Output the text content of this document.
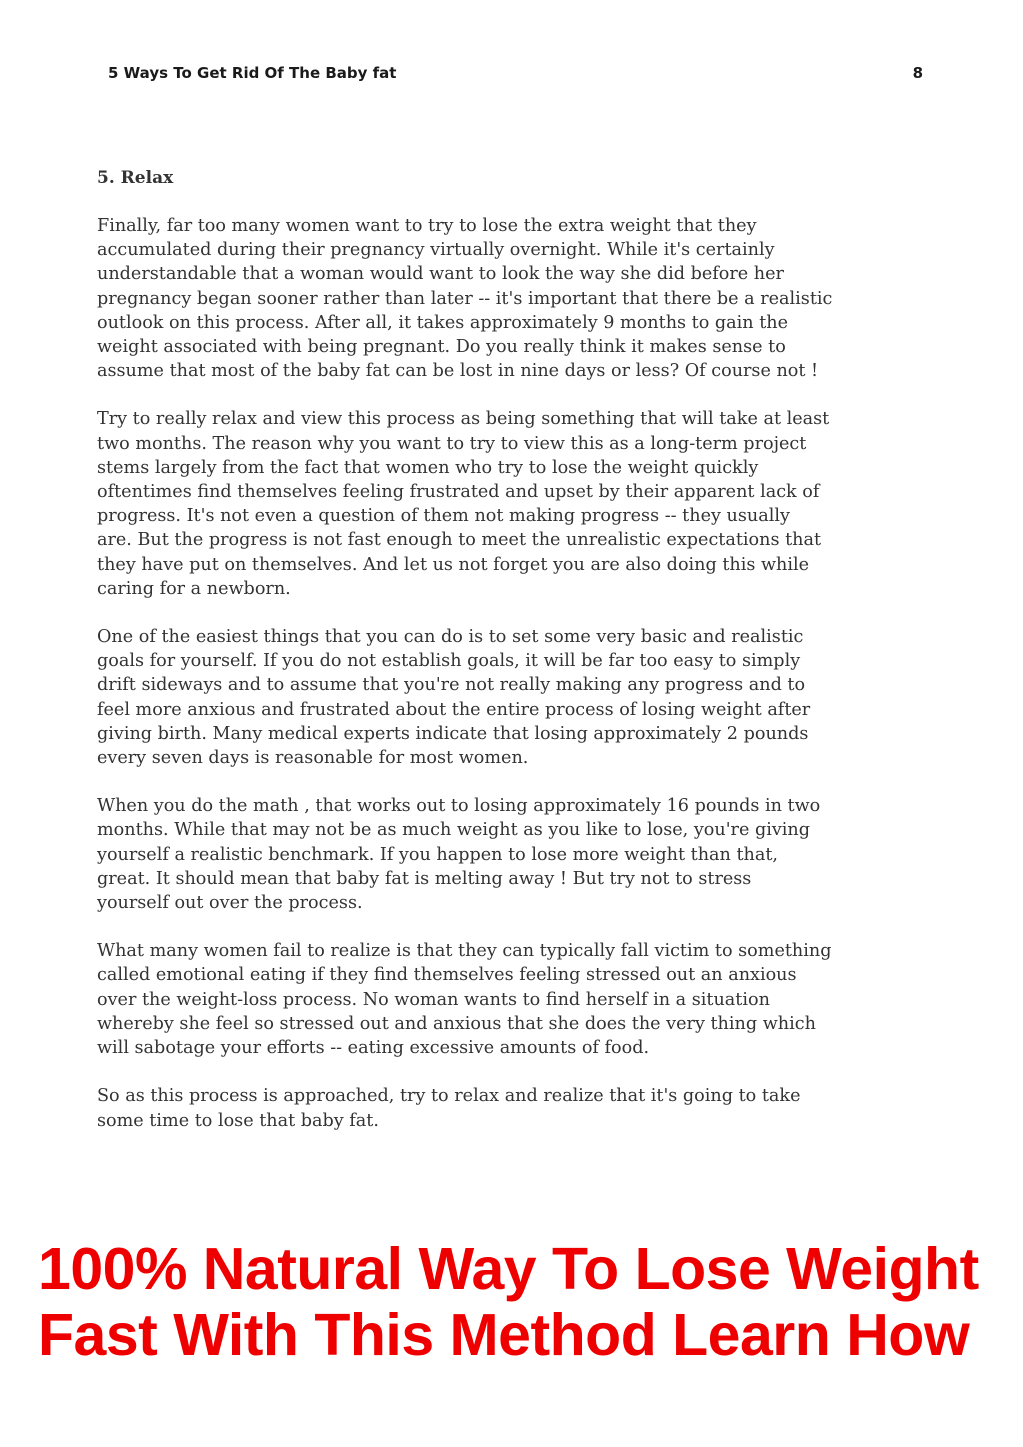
5 Ways To Get Rid Of The Baby fat	8
5. Relax

Finally, far too many women want to try to lose the extra weight that they
accumulated during their pregnancy virtually overnight. While it's certainly
understandable that a woman would want to look the way she did before her
pregnancy began sooner rather than later -- it's important that there be a realistic
outlook on this process. After all, it takes approximately 9 months to gain the
weight associated with being pregnant. Do you really think it makes sense to
assume that most of the baby fat can be lost in nine days or less? Of course not !

Try to really relax and view this process as being something that will take at least
two months. The reason why you want to try to view this as a long-term project
stems largely from the fact that women who try to lose the weight quickly
oftentimes find themselves feeling frustrated and upset by their apparent lack of
progress. It's not even a question of them not making progress -- they usually
are. But the progress is not fast enough to meet the unrealistic expectations that
they have put on themselves. And let us not forget you are also doing this while
caring for a newborn.

One of the easiest things that you can do is to set some very basic and realistic
goals for yourself. If you do not establish goals, it will be far too easy to simply
drift sideways and to assume that you're not really making any progress and to
feel more anxious and frustrated about the entire process of losing weight after
giving birth. Many medical experts indicate that losing approximately 2 pounds
every seven days is reasonable for most women.

When you do the math , that works out to losing approximately 16 pounds in two
months. While that may not be as much weight as you like to lose, you're giving
yourself a realistic benchmark. If you happen to lose more weight than that,
great. It should mean that baby fat is melting away ! But try not to stress
yourself out over the process.

What many women fail to realize is that they can typically fall victim to something
called emotional eating if they find themselves feeling stressed out an anxious
over the weight-loss process. No woman wants to find herself in a situation
whereby she feel so stressed out and anxious that she does the very thing which
will sabotage your efforts -- eating excessive amounts of food.

So as this process is approached, try to relax and realize that it's going to take
some time to lose that baby fat.

100% Natural Way To Lose Weight
Fast With This Method Learn How
